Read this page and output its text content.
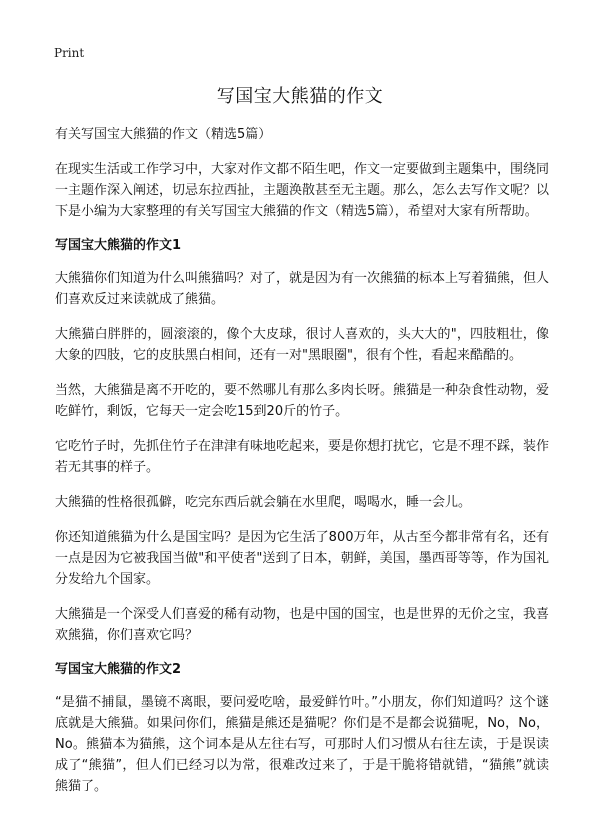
Print
写国宝大熊猫的作文

有关写国宝大熊猫的作文（精选5篇）

在现实生活或工作学习中，大家对作文都不陌生吧，作文一定要做到主题集中，围绕同一主题作深入阐述，切忌东拉西扯，主题涣散甚至无主题。那么，怎么去写作文呢？以下是小编为大家整理的有关写国宝大熊猫的作文（精选5篇），希望对大家有所帮助。

写国宝大熊猫的作文1

大熊猫你们知道为什么叫熊猫吗？对了，就是因为有一次熊猫的标本上写着猫熊，但人们喜欢反过来读就成了熊猫。

大熊猫白胖胖的，圆滚滚的，像个大皮球，很讨人喜欢的，头大大的"，四肢粗壮，像大象的四肢，它的皮肤黑白相间，还有一对"黑眼圈"，很有个性，看起来酷酷的。

当然，大熊猫是离不开吃的，要不然哪儿有那么多肉长呀。熊猫是一种杂食性动物，爱吃鲜竹，剩饭，它每天一定会吃15到20斤的竹子。

它吃竹子时，先抓住竹子在津津有味地吃起来，要是你想打扰它，它是不理不踩，装作若无其事的样子。

大熊猫的性格很孤僻，吃完东西后就会躺在水里爬，喝喝水，睡一会儿。

你还知道熊猫为什么是国宝吗？是因为它生活了800万年，从古至今都非常有名，还有一点是因为它被我国当做"和平使者"送到了日本，朝鲜，美国，墨西哥等等，作为国礼分发给九个国家。

大熊猫是一个深受人们喜爱的稀有动物，也是中国的国宝，也是世界的无价之宝，我喜欢熊猫，你们喜欢它吗？

写国宝大熊猫的作文2

“是猫不捕鼠，墨镜不离眼，要问爱吃啥，最爱鲜竹叶。”小朋友，你们知道吗？这个谜底就是大熊猫。如果问你们，熊猫是熊还是猫呢？你们是不是都会说猫呢，No，No，No。熊猫本为猫熊，这个词本是从左往右写，可那时人们习惯从右往左读，于是误读成了“熊猫”，但人们已经习以为常，很难改过来了，于是干脆将错就错，“猫熊”就读熊猫了。
